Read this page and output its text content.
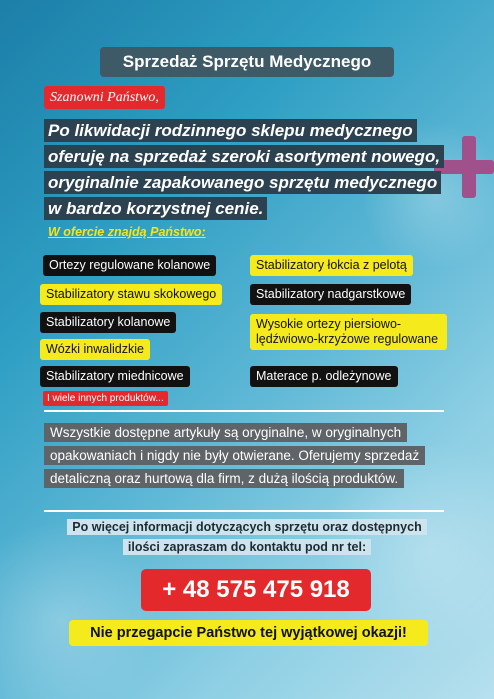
Sprzedaż Sprzętu Medycznego
Szanowni Państwo,
Po likwidacji rodzinnego sklepu medycznego oferuję na sprzedaż szeroki asortyment nowego, oryginalnie zapakowanego sprzętu medycznego w bardzo korzystnej cenie.
W ofercie znajdą Państwo:
Ortezy regulowane kolanowe	Stabilizatory łokcia z pelotą
Stabilizatory stawu skokowego	Stabilizatory nadgarstkowe
Stabilizatory kolanowe	Wysokie ortezy piersiowo-lędźwiowo-krzyżowe regulowane
Wózki inwalidzkie
Stabilizatory miednicowe	Materace p. odleżynowe
I wiele innych produktów...
Wszystkie dostępne artykuły są oryginalne, w oryginalnych opakowaniach i nigdy nie były otwierane. Oferujemy sprzedaż detaliczną oraz hurtową dla firm, z dużą ilością produktów.
Po więcej informacji dotyczących sprzętu oraz dostępnych ilości zapraszam do kontaktu pod nr tel:
+ 48 575 475 918
Nie przegapcie Państwo tej wyjątkowej okazji!
